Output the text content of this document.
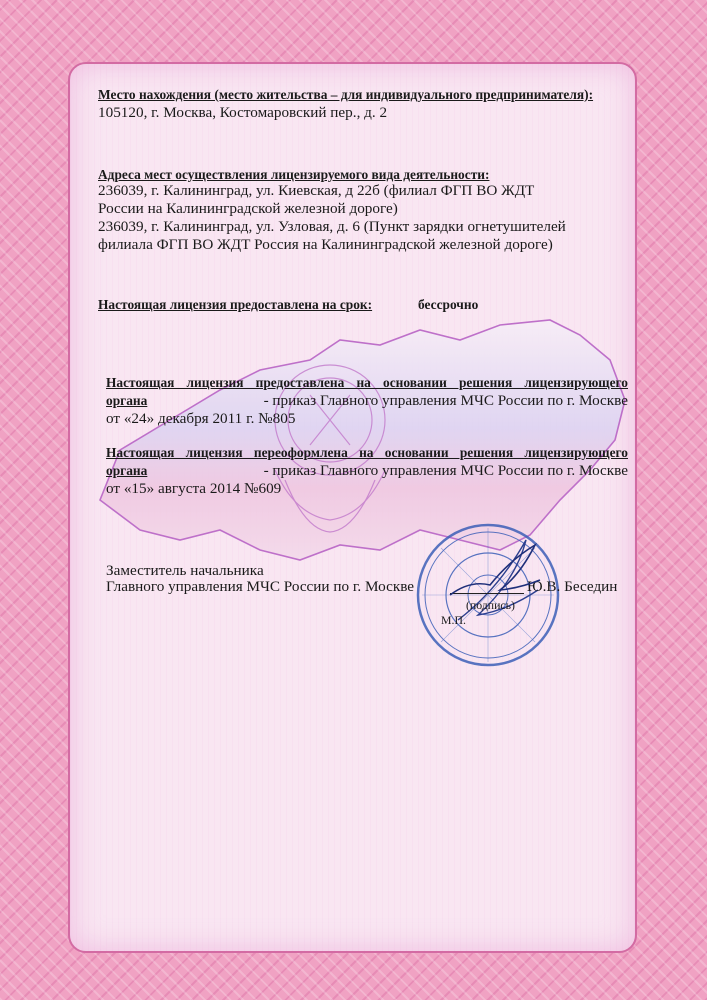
Место нахождения (место жительства – для индивидуального предпринимателя):
105120, г. Москва, Костомаровский пер., д. 2
Адреса мест осуществления лицензируемого вида деятельности:
236039, г. Калининград, ул. Киевская, д 22б (филиал ФГП ВО ЖДТ
России на Калининградской железной дороге)
236039, г. Калининград, ул. Узловая, д. 6 (Пункт зарядки огнетушителей
филиала ФГП ВО ЖДТ Россия на Калининградской железной дороге)
Настоящая лицензия предоставлена на срок:	бессрочно
Настоящая лицензия предоставлена на основании решения лицензирующего
органа	- приказ Главного управления МЧС России по г. Москве
от «24» декабря 2011 г. №805
Настоящая лицензия переоформлена на основании решения лицензирующего
органа	- приказ Главного управления МЧС России по г. Москве
от «15» августа 2014 №609
Заместитель начальника
Главного управления МЧС России по г. Москве	Ю.В. Беседин
(подпись)
М.П.
